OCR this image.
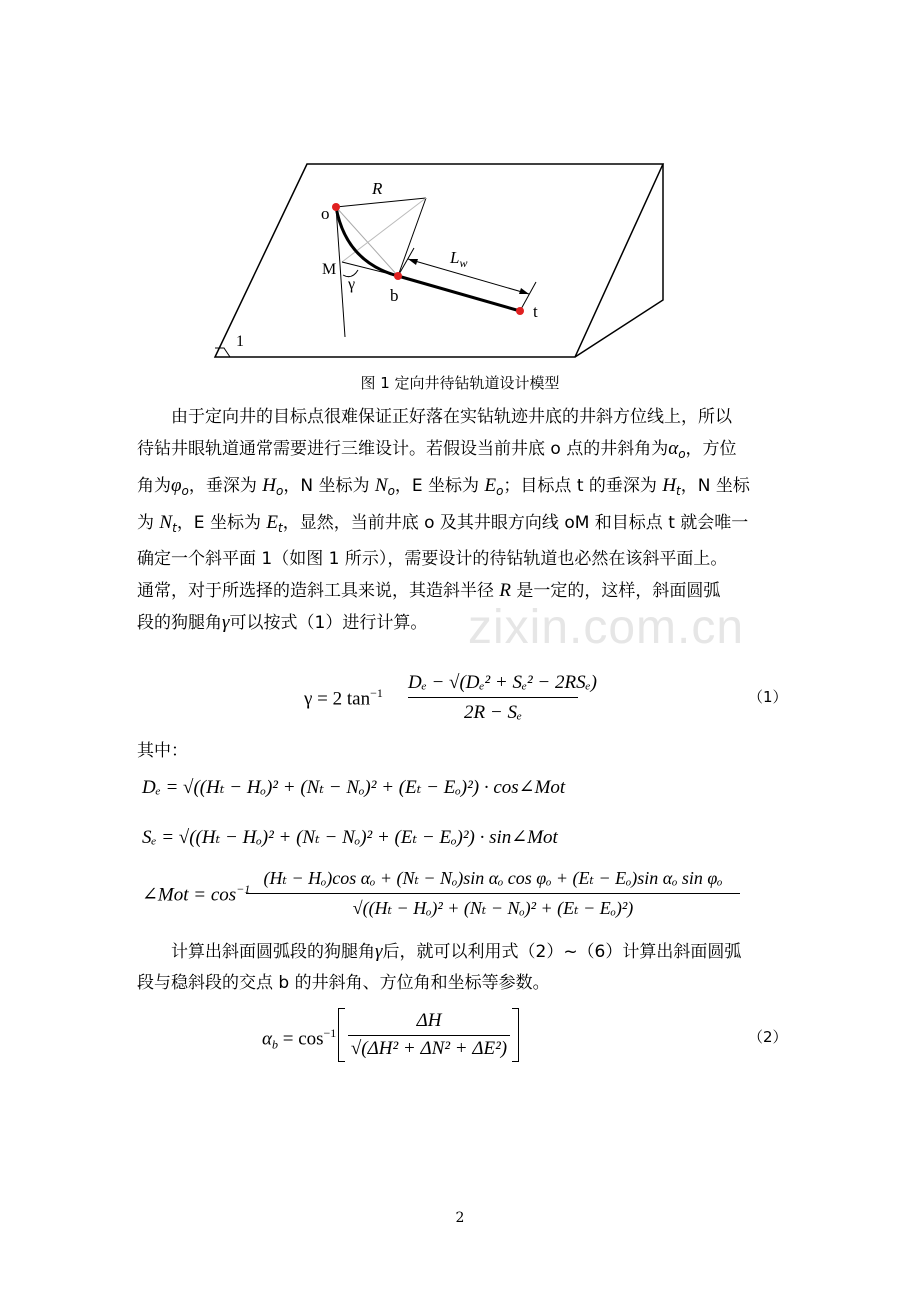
zixin.com.cn
R
o
M
γ
b
$L_w$
t
1
图 1 定向井待钻轨道设计模型
由于定向井的目标点很难保证正好落在实钻轨迹井底的井斜方位线上，所以
待钻井眼轨道通常需要进行三维设计。若假设当前井底 o 点的井斜角为$\alpha_o$，方位
角为$\varphi_o$，垂深为 $H_o$，N 坐标为 $N_o$，E 坐标为 $E_o$；目标点 t 的垂深为 $H_t$，N 坐标
为 $N_t$，E 坐标为 $E_t$，显然，当前井底 o 及其井眼方向线 oM 和目标点 t 就会唯一
确定一个斜平面 1（如图 1 所示），需要设计的待钻轨道也必然在该斜平面上。
通常，对于所选择的造斜工具来说，其造斜半径 R 是一定的，这样，斜面圆弧
段的狗腿角γ可以按式（1）进行计算。
γ = 2 $\tan^{-1} D_e - √(D_e^2 + S_e^2 - 2RS_e)$
2R − Sₑ
（1）
其中：
Dₑ = √((Hₜ − Hₒ)² + (Nₜ − Nₒ)² + (Eₜ − Eₒ)²) · cos∠Mot
Sₑ = √((Hₜ − Hₒ)² + (Nₜ − Nₒ)² + (Eₜ − Eₒ)²) · sin∠Mot
∠Mot = $\cos^{-1}$
(Hₜ − Hₒ)cos αₒ + (Nₜ − Nₒ)sin αₒ cos φₒ + (Eₜ − Eₒ)sin αₒ sin φₒ
√((Hₜ − Hₒ)² + (Nₜ − Nₒ)² + (Eₜ − Eₒ)²)
计算出斜面圆弧段的狗腿角γ后，就可以利用式（2）~（6）计算出斜面圆弧
段与稳斜段的交点 b 的井斜角、方位角和坐标等参数。
$\alpha_b = \cos^{-1}$
ΔH
√(ΔH² + ΔN² + ΔE²)
（2）
2
